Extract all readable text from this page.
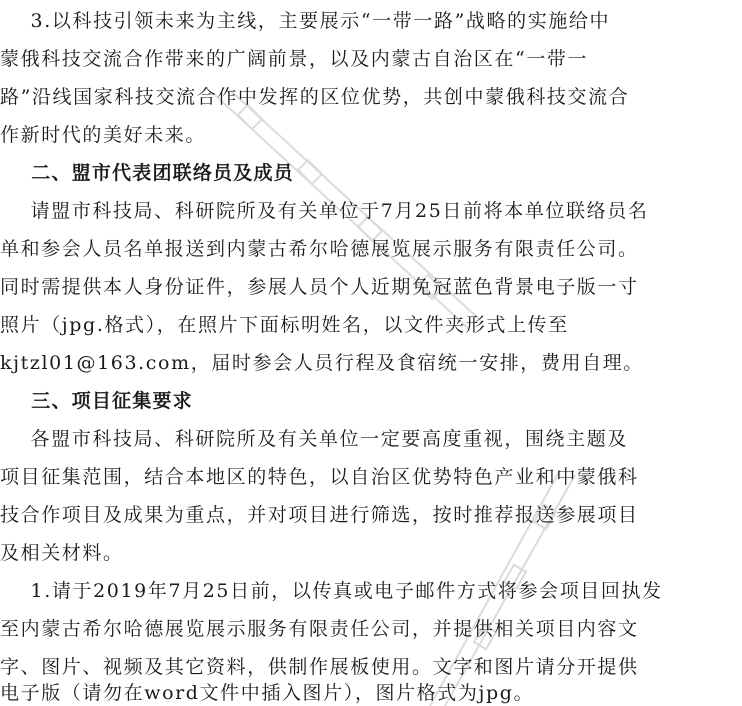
3.以科技引领未来为主线，主要展示“一带一路”战略的实施给中
蒙俄科技交流合作带来的广阔前景，以及内蒙古自治区在“一带一
路”沿线国家科技交流合作中发挥的区位优势，共创中蒙俄科技交流合
作新时代的美好未来。
二、盟市代表团联络员及成员
请盟市科技局、科研院所及有关单位于7月25日前将本单位联络员名
单和参会人员名单报送到内蒙古希尔哈德展览展示服务有限责任公司。
同时需提供本人身份证件，参展人员个人近期免冠蓝色背景电子版一寸
照片（jpg.格式），在照片下面标明姓名，以文件夹形式上传至
kjtzl01@163.com，届时参会人员行程及食宿统一安排，费用自理。
三、项目征集要求
各盟市科技局、科研院所及有关单位一定要高度重视，围绕主题及
项目征集范围，结合本地区的特色，以自治区优势特色产业和中蒙俄科
技合作项目及成果为重点，并对项目进行筛选，按时推荐报送参展项目
及相关材料。
1.请于2019年7月25日前，以传真或电子邮件方式将参会项目回执发
至内蒙古希尔哈德展览展示服务有限责任公司，并提供相关项目内容文
字、图片、视频及其它资料，供制作展板使用。文字和图片请分开提供
电子版（请勿在word文件中插入图片），图片格式为jpg。
